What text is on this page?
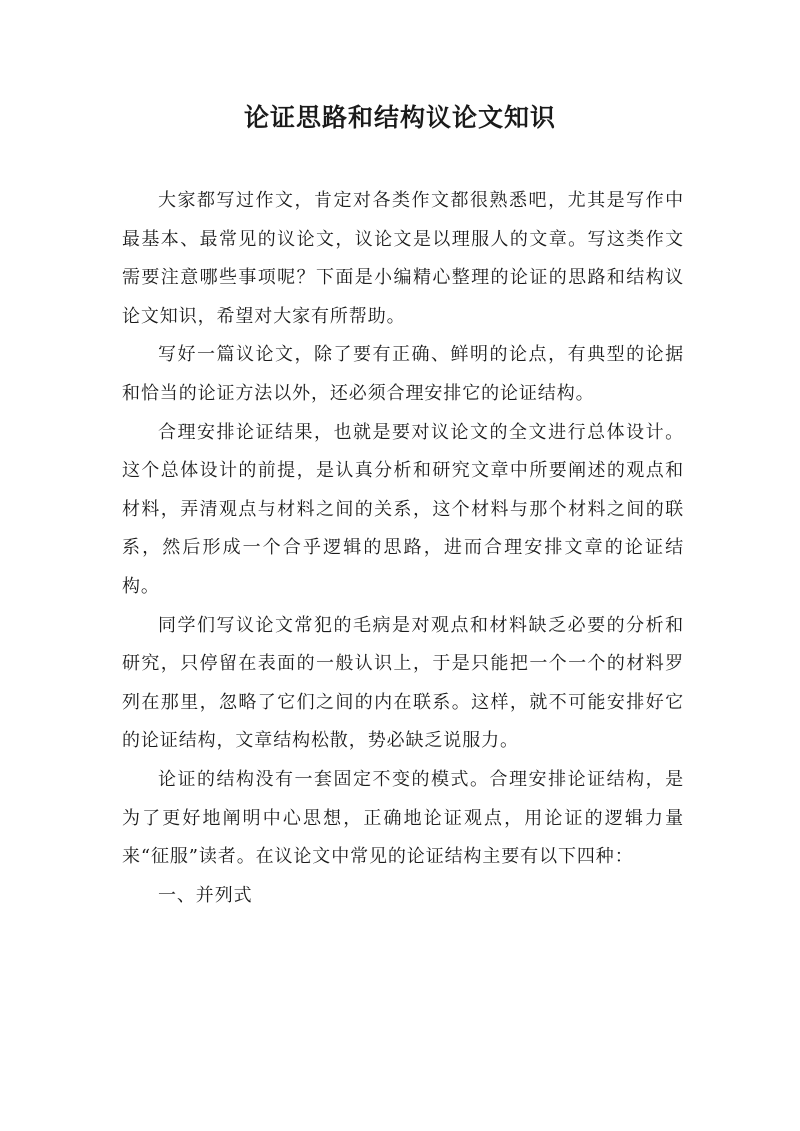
论证思路和结构议论文知识

大家都写过作文，肯定对各类作文都很熟悉吧，尤其是写作中最基本、最常见的议论文，议论文是以理服人的文章。写这类作文需要注意哪些事项呢？下面是小编精心整理的论证的思路和结构议论文知识，希望对大家有所帮助。

写好一篇议论文，除了要有正确、鲜明的论点，有典型的论据和恰当的论证方法以外，还必须合理安排它的论证结构。

合理安排论证结果，也就是要对议论文的全文进行总体设计。这个总体设计的前提，是认真分析和研究文章中所要阐述的观点和材料，弄清观点与材料之间的关系，这个材料与那个材料之间的联系，然后形成一个合乎逻辑的思路，进而合理安排文章的论证结构。

同学们写议论文常犯的毛病是对观点和材料缺乏必要的分析和研究，只停留在表面的一般认识上，于是只能把一个一个的材料罗列在那里，忽略了它们之间的内在联系。这样，就不可能安排好它的论证结构，文章结构松散，势必缺乏说服力。

论证的结构没有一套固定不变的模式。合理安排论证结构，是为了更好地阐明中心思想，正确地论证观点，用论证的逻辑力量来“征服”读者。在议论文中常见的论证结构主要有以下四种：

一、并列式
